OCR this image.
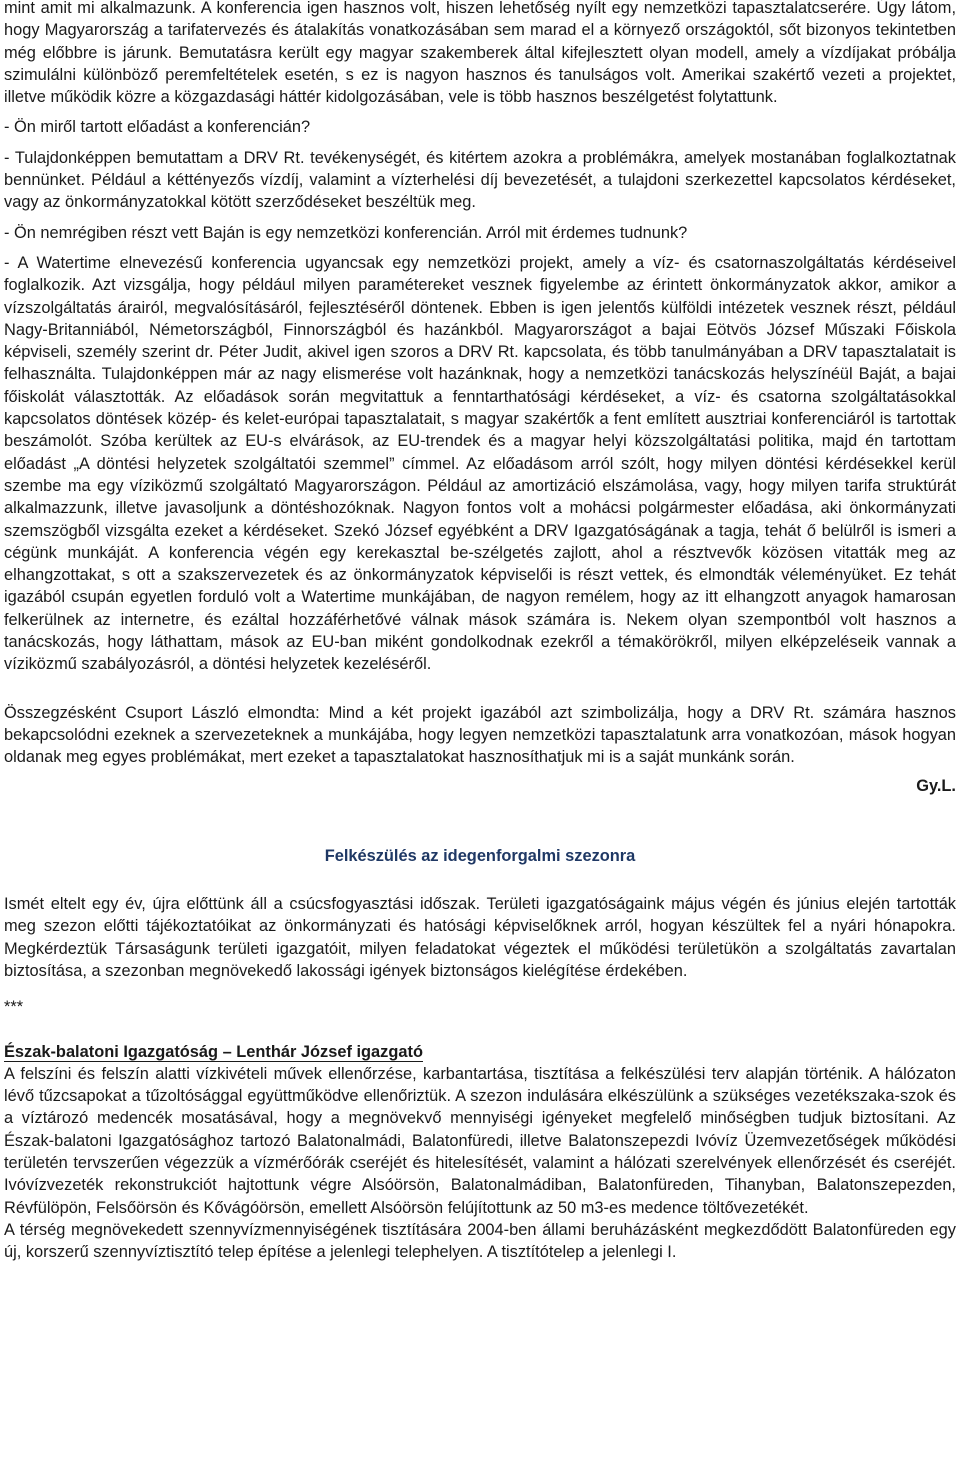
mint amit mi alkalmazunk. A konferencia igen hasznos volt, hiszen lehetőség nyílt egy nemzetközi tapasztalatcserére. Úgy látom, hogy Magyarország a tarifatervezés és átalakítás vonatkozásában sem marad el a környező országoktól, sőt bizonyos tekintetben még előbbre is járunk. Bemutatásra került egy magyar szakemberek által kifejlesztett olyan modell, amely a vízdíjakat próbálja szimulálni különböző peremfeltételek esetén, s ez is nagyon hasznos és tanulságos volt. Amerikai szakértő vezeti a projektet, illetve működik közre a közgazdasági háttér kidolgozásában, vele is több hasznos beszélgetést folytattunk.

- Ön miről tartott előadást a konferencián?

- Tulajdonképpen bemutattam a DRV Rt. tevékenységét, és kitértem azokra a problémákra, amelyek mostanában foglalkoztatnak bennünket. Például a kéttényezős vízdíj, valamint a vízterhelési díj bevezetését, a tulajdoni szerkezettel kapcsolatos kérdéseket, vagy az önkormányzatokkal kötött szerződéseket beszéltük meg.

- Ön nemrégiben részt vett Baján is egy nemzetközi konferencián. Arról mit érdemes tudnunk?

- A Watertime elnevezésű konferencia ugyancsak egy nemzetközi projekt, amely a víz- és csatornaszolgáltatás kérdéseivel foglalkozik. Azt vizsgálja, hogy például milyen paramétereket vesznek figyelembe az érintett önkormányzatok akkor, amikor a vízszolgáltatás árairól, megvalósításáról, fejlesztéséről döntenek. Ebben is igen jelentős külföldi intézetek vesznek részt, például Nagy-Britanniából, Németországból, Finnországból és hazánkból. Magyarországot a bajai Eötvös József Műszaki Főiskola képviseli, személy szerint dr. Péter Judit, akivel igen szoros a DRV Rt. kapcsolata, és több tanulmányában a DRV tapasztalatait is felhasználta. Tulajdonképpen már az nagy elismerése volt hazánknak, hogy a nemzetközi tanácskozás helyszínéül Baját, a bajai főiskolát választották. Az előadások során megvitattuk a fenntarthatósági kérdéseket, a víz- és csatorna szolgáltatásokkal kapcsolatos döntések közép- és kelet-európai tapasztalatait, s magyar szakértők a fent említett ausztriai konferenciáról is tartottak beszámolót. Szóba kerültek az EU-s elvárások, az EU-trendek és a magyar helyi közszolgáltatási politika, majd én tartottam előadást „A döntési helyzetek szolgáltatói szemmel” címmel. Az előadásom arról szólt, hogy milyen döntési kérdésekkel kerül szembe ma egy víziközmű szolgáltató Magyarországon. Például az amortizáció elszámolása, vagy, hogy milyen tarifa struktúrát alkalmazzunk, illetve javasoljunk a döntéshozóknak. Nagyon fontos volt a mohácsi polgármester előadása, aki önkormányzati szemszögből vizsgálta ezeket a kérdéseket. Szekó József egyébként a DRV Igazgatóságának a tagja, tehát ő belülről is ismeri a cégünk munkáját. A konferencia végén egy kerekasztal be-szélgetés zajlott, ahol a résztvevők közösen vitatták meg az elhangzottakat, s ott a szakszervezetek és az önkormányzatok képviselői is részt vettek, és elmondták véleményüket. Ez tehát igazából csupán egyetlen forduló volt a Watertime munkájában, de nagyon remélem, hogy az itt elhangzott anyagok hamarosan felkerülnek az internetre, és ezáltal hozzáférhetővé válnak mások számára is. Nekem olyan szempontból volt hasznos a tanácskozás, hogy láthattam, mások az EU-ban miként gondolkodnak ezekről a témakörökről, milyen elképzeléseik vannak a víziközmű szabályozásról, a döntési helyzetek kezeléséről.

Összegzésként Csuport László elmondta: Mind a két projekt igazából azt szimbolizálja, hogy a DRV Rt. számára hasznos bekapcsolódni ezeknek a szervezeteknek a munkájába, hogy legyen nemzetközi tapasztalatunk arra vonatkozóan, mások hogyan oldanak meg egyes problémákat, mert ezeket a tapasztalatokat hasznosíthatjuk mi is a saját munkánk során.

Gy.L.

Felkészülés az idegenforgalmi szezonra

Ismét eltelt egy év, újra előttünk áll a csúcsfogyasztási időszak. Területi igazgatóságaink május végén és június elején tartották meg szezon előtti tájékoztatóikat az önkormányzati és hatósági képviselőknek arról, hogyan készültek fel a nyári hónapokra. Megkérdeztük Társaságunk területi igazgatóit, milyen feladatokat végeztek el működési területükön a szolgáltatás zavartalan biztosítása, a szezonban megnövekedő lakossági igények biztonságos kielégítése érdekében.

***

Észak-balatoni Igazgatóság – Lenthár József igazgató

A felszíni és felszín alatti vízkivételi művek ellenőrzése, karbantartása, tisztítása a felkészülési terv alapján történik. A hálózaton lévő tűzcsapokat a tűzoltósággal együttműködve ellenőriztük. A szezon indulására elkészülünk a szükséges vezetékszaka-szok és a víztározó medencék mosatásával, hogy a megnövekvő mennyiségi igényeket megfelelő minőségben tudjuk biztosítani. Az Észak-balatoni Igazgatósághoz tartozó Balatonalmádi, Balatonfüredi, illetve Balatonszepezdi Ivóvíz Üzemvezetőségek működési területén tervszerűen végezzük a vízmérőórák cseréjét és hitelesítését, valamint a hálózati szerelvények ellenőrzését és cseréjét. Ivóvízvezeték rekonstrukciót hajtottunk végre Alsóörsön, Balatonalmádiban, Balatonfüreden, Tihanyban, Balatonszepezden, Révfülöpön, Felsőörsön és Kővágóörsön, emellett Alsóörsön felújítottunk az 50 m3-es medence töltővezetékét.

A térség megnövekedett szennyvízmennyiségének tisztítására 2004-ben állami beruházásként megkezdődött Balatonfüreden egy új, korszerű szennyvíztisztító telep építése a jelenlegi telephelyen. A tisztítótelep a jelenlegi I.
